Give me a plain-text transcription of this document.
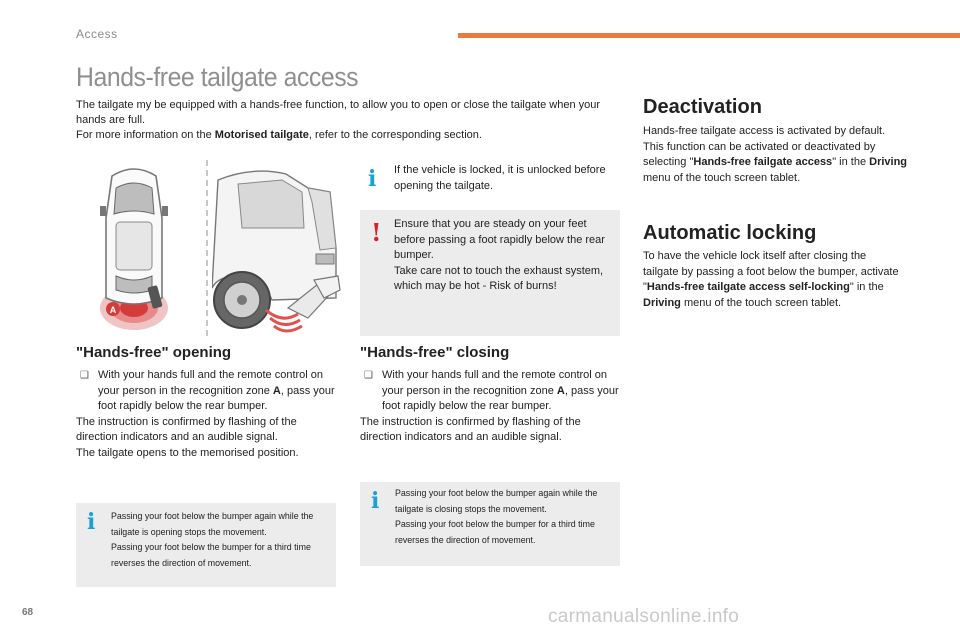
Access
Hands-free tailgate access

The tailgate my be equipped with a hands-free function, to allow you to open or close the tailgate when your hands are full.

For more information on the Motorised tailgate, refer to the corresponding section.

A
i If the vehicle is locked, it is unlocked before opening the tailgate.
! Ensure that you are steady on your feet before passing a foot rapidly below the rear bumper.

Take care not to touch the exhaust system, which may be hot - Risk of burns!

"Hands-free" opening

❑ With your hands full and the remote control on your person in the recognition zone A, pass your foot rapidly below the rear bumper.

The instruction is confirmed by flashing of the direction indicators and an audible signal.

The tailgate opens to the memorised position.

i Passing your foot below the bumper again while the tailgate is opening stops the movement.

Passing your foot below the bumper for a third time reverses the direction of movement.

"Hands-free" closing

❑ With your hands full and the remote control on your person in the recognition zone A, pass your foot rapidly below the rear bumper.

The instruction is confirmed by flashing of the direction indicators and an audible signal.

i Passing your foot below the bumper again while the tailgate is closing stops the movement.

Passing your foot below the bumper for a third time reverses the direction of movement.

Deactivation

Hands-free tailgate access is activated by default.

This function can be activated or deactivated by selecting "Hands-free failgate access" in the Driving menu of the touch screen tablet.

Automatic locking

To have the vehicle lock itself after closing the tailgate by passing a foot below the bumper, activate "Hands-free tailgate access self-locking" in the Driving menu of the touch screen tablet.

68	carmanualsonline.info
